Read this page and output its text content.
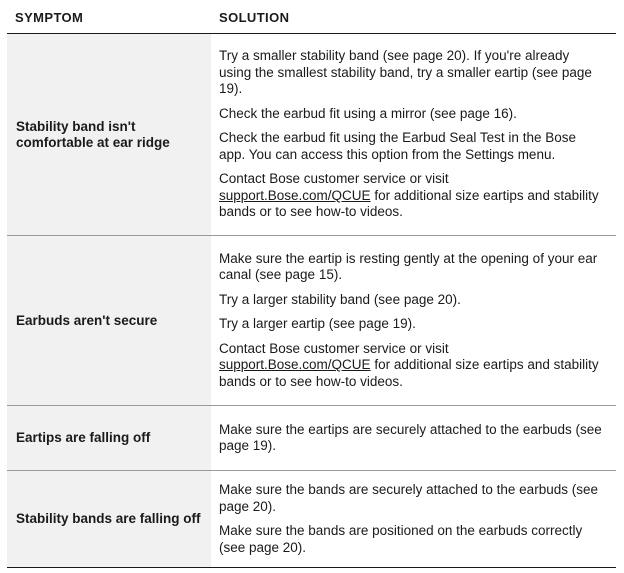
SYMPTOM	SOLUTION
Stability band isn't comfortable at ear ridge

Try a smaller stability band (see page 20). If you're already using the smallest stability band, try a smaller eartip (see page 19).

Check the earbud fit using a mirror (see page 16).

Check the earbud fit using the Earbud Seal Test in the Bose app. You can access this option from the Settings menu.

Contact Bose customer service or visit support.Bose.com/QCUE for additional size eartips and stability bands or to see how-to videos.

Earbuds aren't secure

Make sure the eartip is resting gently at the opening of your ear canal (see page 15).

Try a larger stability band (see page 20).

Try a larger eartip (see page 19).

Contact Bose customer service or visit support.Bose.com/QCUE for additional size eartips and stability bands or to see how-to videos.

Eartips are falling off

Make sure the eartips are securely attached to the earbuds (see page 19).

Stability bands are falling off

Make sure the bands are securely attached to the earbuds (see page 20).

Make sure the bands are positioned on the earbuds correctly (see page 20).
